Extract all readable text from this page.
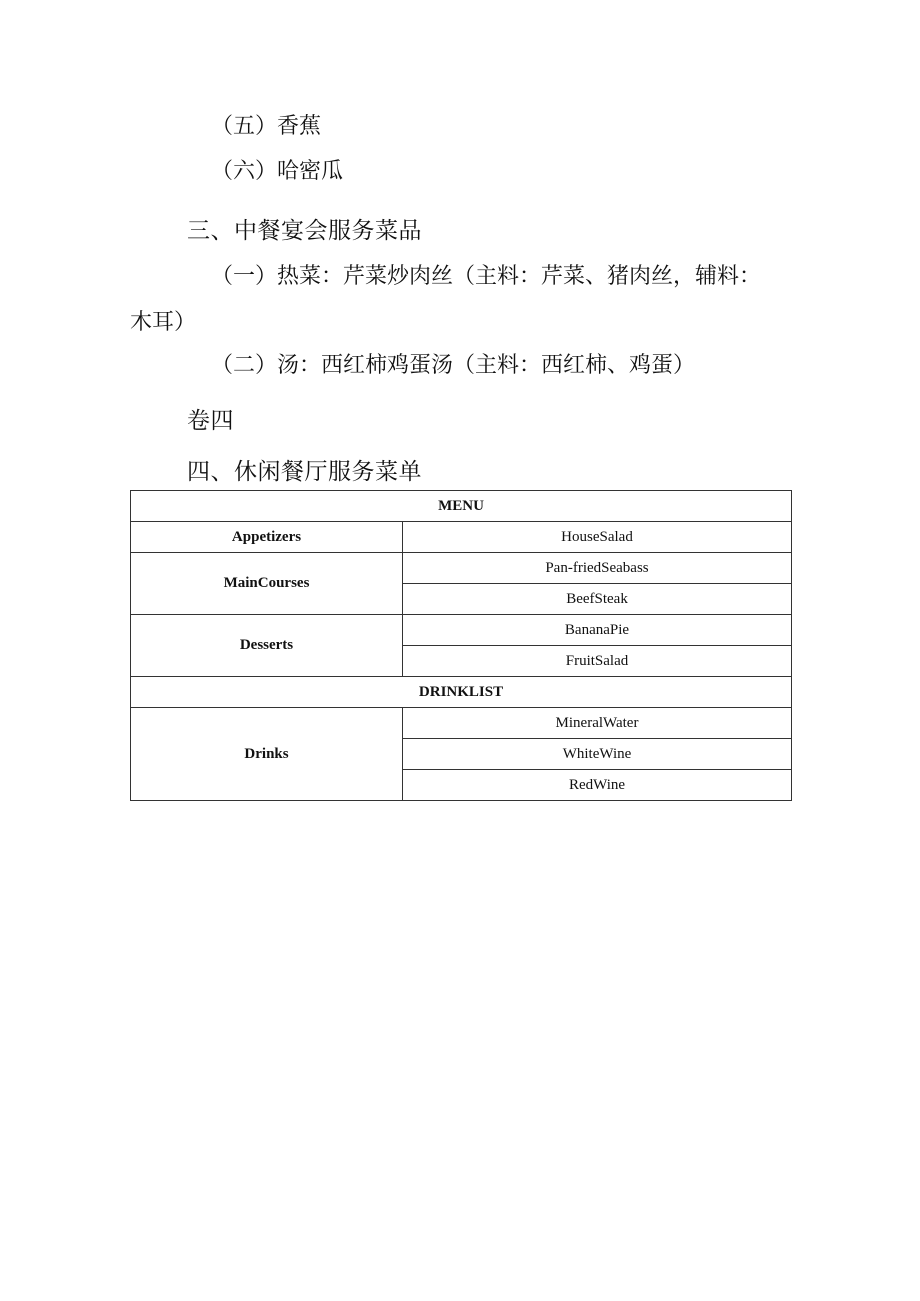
（五）香蕉
（六）哈密瓜
三、中餐宴会服务菜品
（一）热菜：芹菜炒肉丝（主料：芹菜、猪肉丝，辅料：
木耳）
（二）汤：西红柿鸡蛋汤（主料：西红柿、鸡蛋）
卷四
四、休闲餐厅服务菜单
MENU	
Appetizers	HouseSalad
MainCourses	Pan-friedSeabass
	BeefSteak
Desserts	BananaPie
	FruitSalad
DRINKLIST	
Drinks	MineralWater
	WhiteWine
	RedWine
